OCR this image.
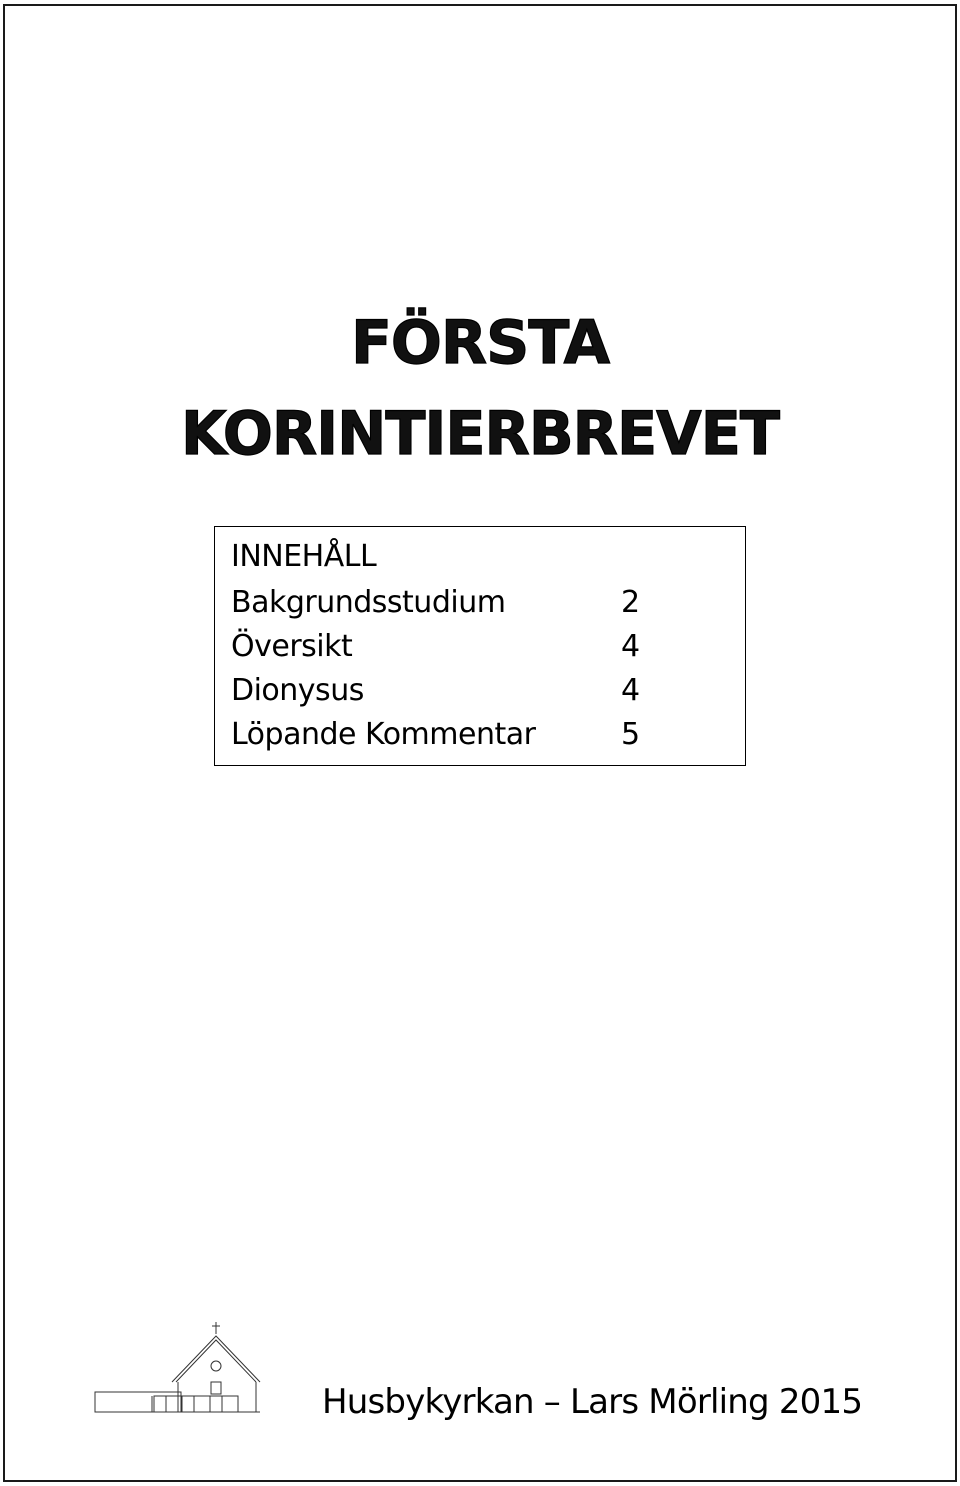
FÖRSTA
KORINTIERBREVET
INNEHÅLL
Bakgrundsstudium	2
Översikt	4
Dionysus	4
Löpande Kommentar	5
Husbykyrkan – Lars Mörling 2015
